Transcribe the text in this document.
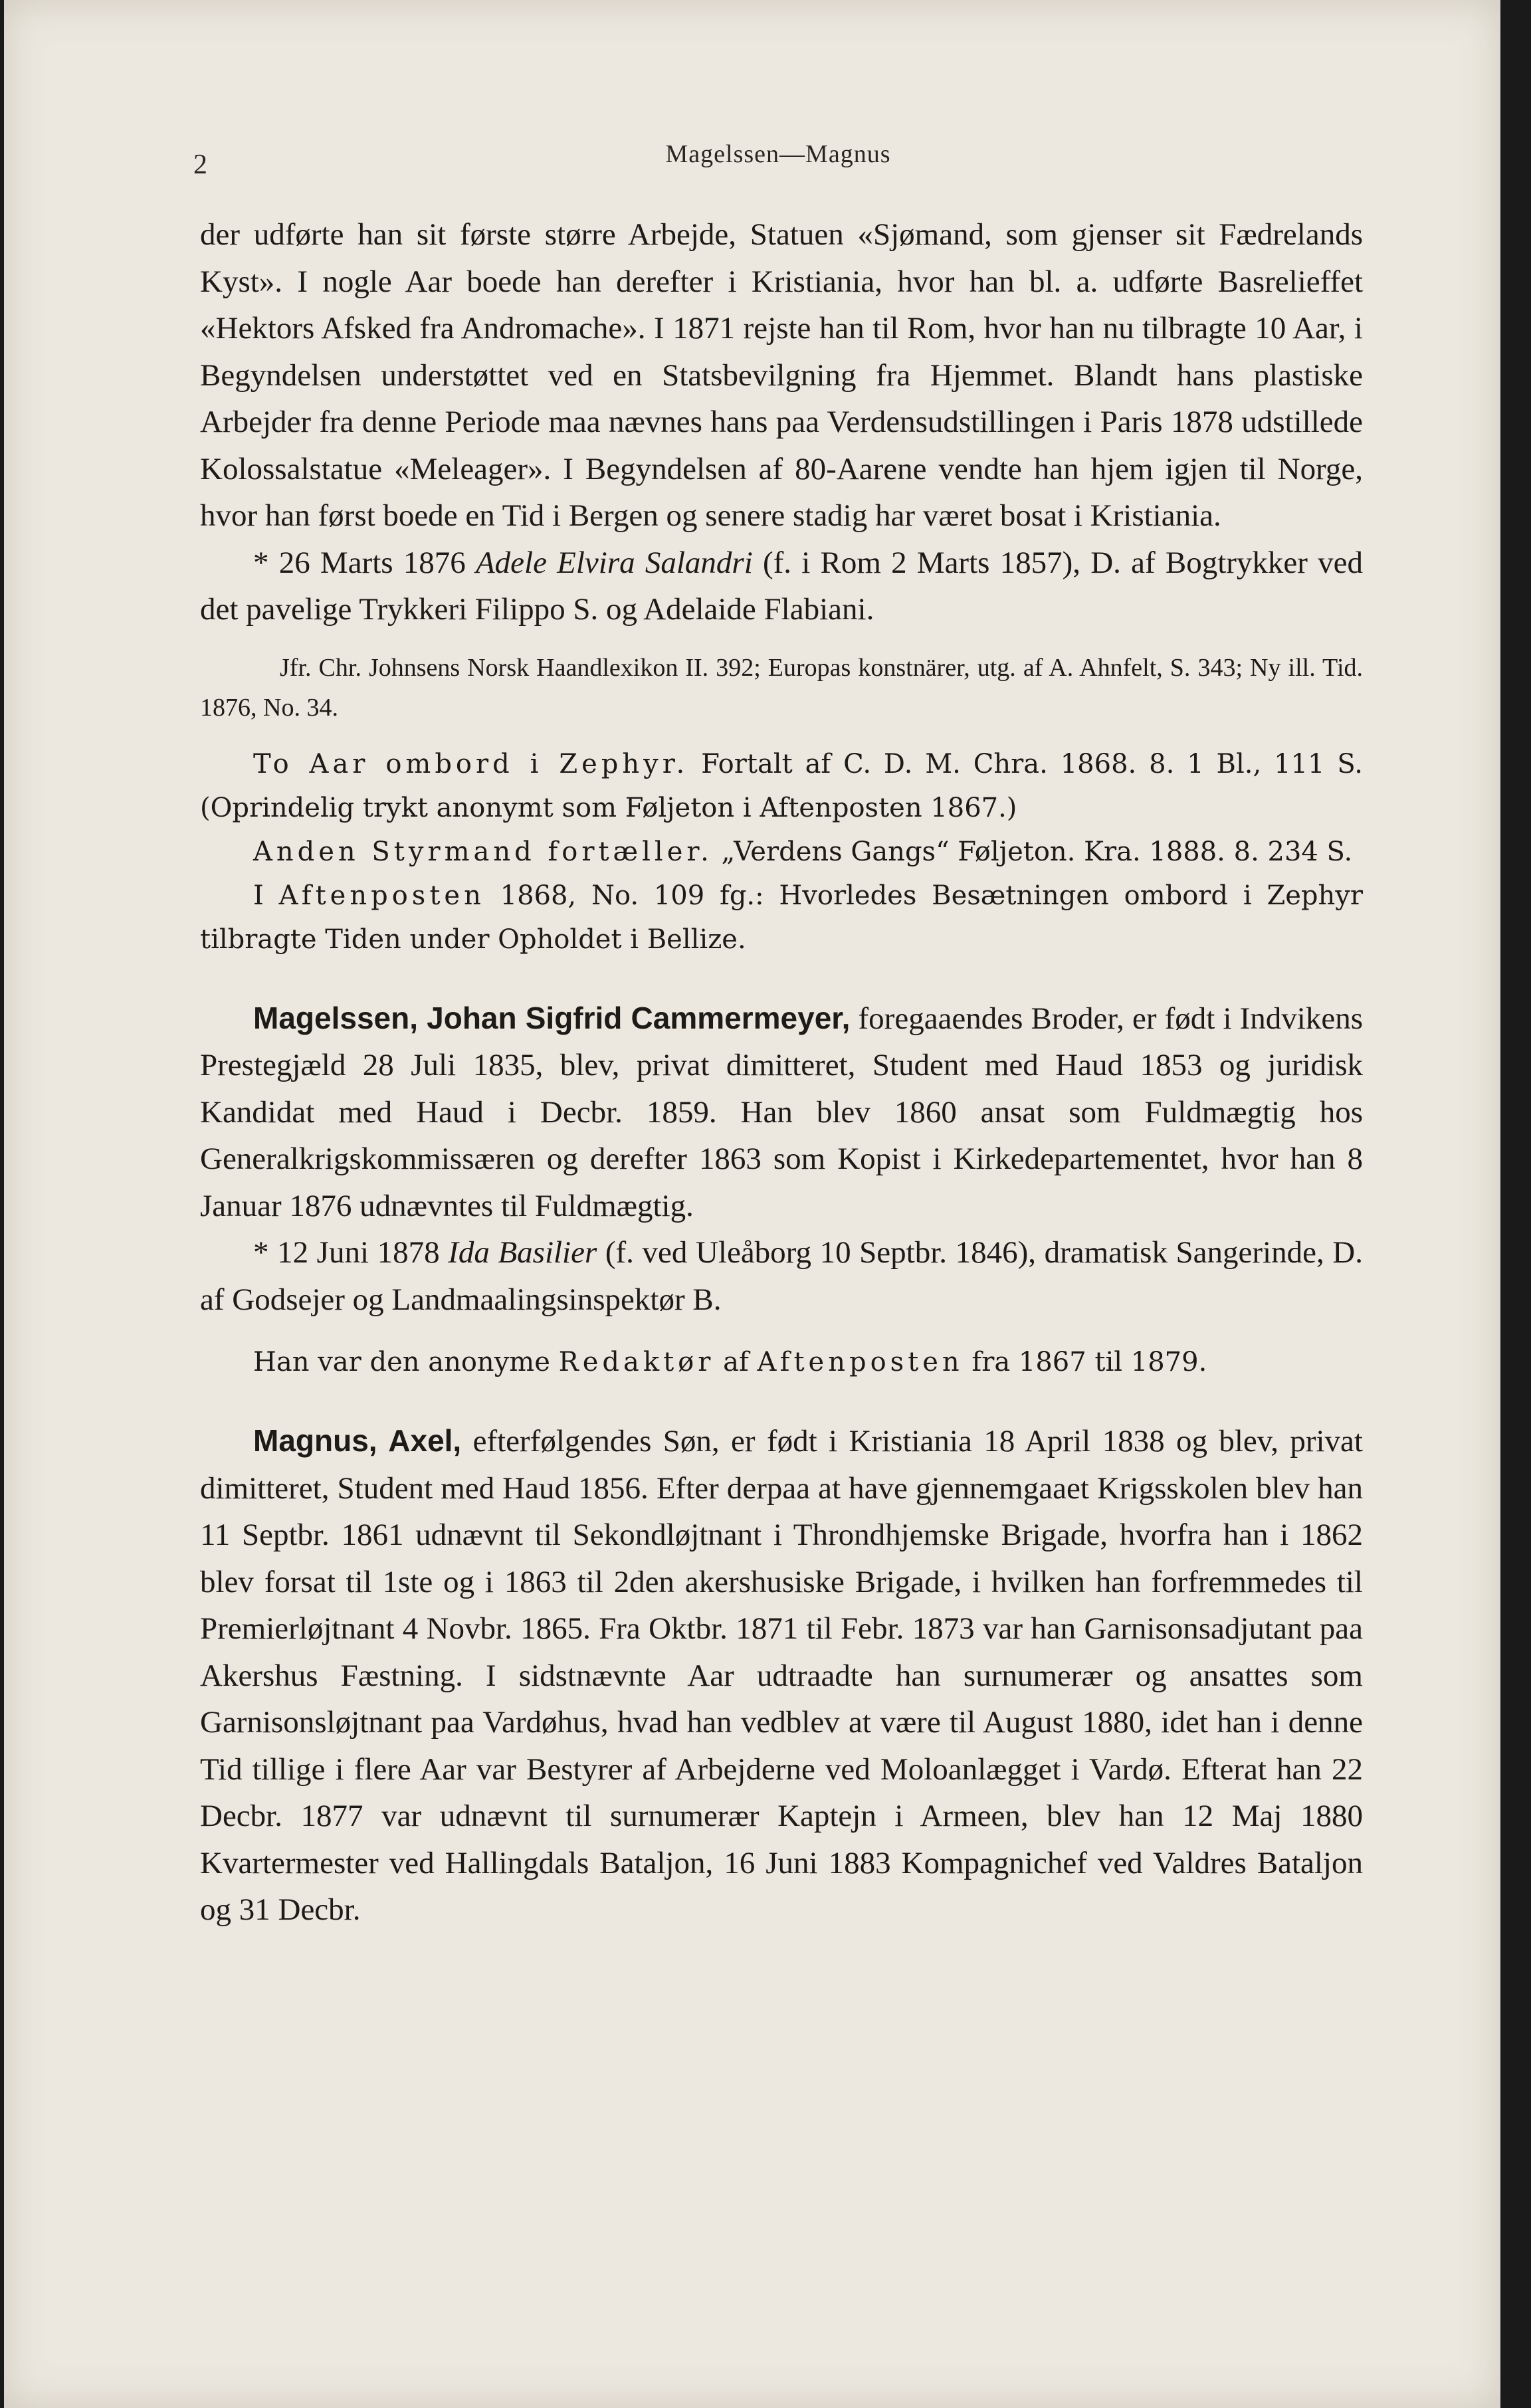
2	Magelssen—Magnus

der udførte han sit første større Arbejde, Statuen «Sjømand, som gjenser sit Fædrelands Kyst». I nogle Aar boede han derefter i Kristiania, hvor han bl. a. udførte Basrelieffet «Hektors Afsked fra Andromache». I 1871 rejste han til Rom, hvor han nu tilbragte 10 Aar, i Begyndelsen understøttet ved en Statsbevilgning fra Hjemmet. Blandt hans plastiske Arbejder fra denne Periode maa nævnes hans paa Verdensudstillingen i Paris 1878 udstillede Kolossalstatue «Meleager». I Begyndelsen af 80-Aarene vendte han hjem igjen til Norge, hvor han først boede en Tid i Bergen og senere stadig har været bosat i Kristiania.

* 26 Marts 1876 Adele Elvira Salandri (f. i Rom 2 Marts 1857), D. af Bogtrykker ved det pavelige Trykkeri Filippo S. og Adelaide Flabiani.

Jfr. Chr. Johnsens Norsk Haandlexikon II. 392; Europas konstnärer, utg. af A. Ahnfelt, S. 343; Ny ill. Tid. 1876, No. 34.

To Aar ombord i Zephyr. Fortalt af C. D. M. Chra. 1868. 8. 1 Bl., 111 S. (Oprindelig trykt anonymt som Føljeton i Aftenposten 1867.)

Anden Styrmand fortæller. „Verdens Gangs“ Føljeton. Kra. 1888. 8. 234 S.

I Aftenposten 1868, No. 109 fg.: Hvorledes Besætningen ombord i Zephyr tilbragte Tiden under Opholdet i Bellize.

Magelssen, Johan Sigfrid Cammermeyer, foregaaendes Broder, er født i Indvikens Prestegjæld 28 Juli 1835, blev, privat dimitteret, Student med Haud 1853 og juridisk Kandidat med Haud i Decbr. 1859. Han blev 1860 ansat som Fuldmægtig hos Generalkrigskommissæren og derefter 1863 som Kopist i Kirkedepartementet, hvor han 8 Januar 1876 udnævntes til Fuldmægtig.

* 12 Juni 1878 Ida Basilier (f. ved Uleåborg 10 Septbr. 1846), dramatisk Sangerinde, D. af Godsejer og Landmaalingsinspektør B.

Han var den anonyme Redaktør af Aftenposten fra 1867 til 1879.

Magnus, Axel, efterfølgendes Søn, er født i Kristiania 18 April 1838 og blev, privat dimitteret, Student med Haud 1856. Efter derpaa at have gjennemgaaet Krigsskolen blev han 11 Septbr. 1861 udnævnt til Sekondløjtnant i Throndhjemske Brigade, hvorfra han i 1862 blev forsat til 1ste og i 1863 til 2den akershusiske Brigade, i hvilken han forfremmedes til Premierløjtnant 4 Novbr. 1865. Fra Oktbr. 1871 til Febr. 1873 var han Garnisonsadjutant paa Akershus Fæstning. I sidstnævnte Aar udtraadte han surnumerær og ansattes som Garnisonsløjtnant paa Vardøhus, hvad han vedblev at være til August 1880, idet han i denne Tid tillige i flere Aar var Bestyrer af Arbejderne ved Moloanlægget i Vardø. Efterat han 22 Decbr. 1877 var udnævnt til surnumerær Kaptejn i Armeen, blev han 12 Maj 1880 Kvartermester ved Hallingdals Bataljon, 16 Juni 1883 Kompagnichef ved Valdres Bataljon og 31 Decbr.
